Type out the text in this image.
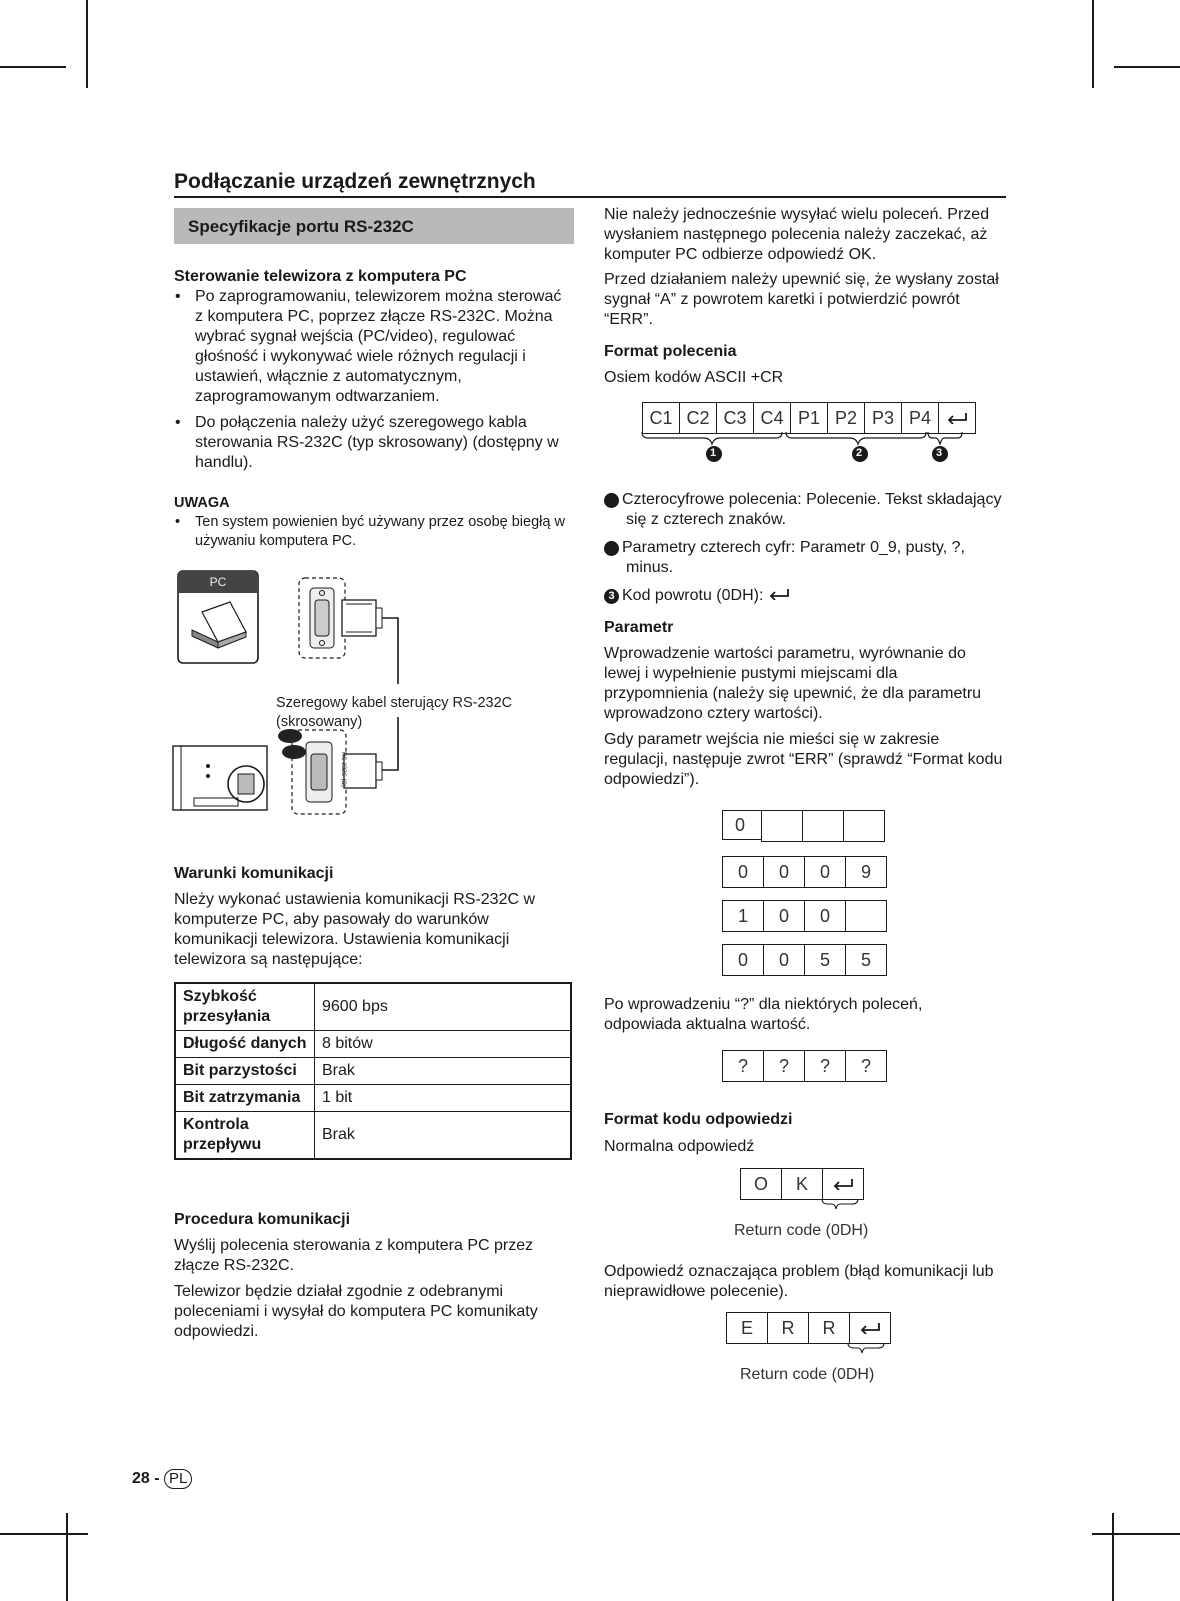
Podłączanie urządzeń zewnętrznych
Specyfikacje portu RS-232C

Sterowanie telewizora z komputera PC

• Po zaprogramowaniu, telewizorem można sterować z komputera PC, poprzez złącze RS-232C. Można wybrać sygnał wejścia (PC/video), regulować głośność i wykonywać wiele różnych regulacji i ustawień, włącznie z automatycznym, zaprogramowanym odtwarzaniem.
• Do połączenia należy użyć szeregowego kabla sterowania RS-232C (typ skrosowany) (dostępny w handlu).

UWAGA

• Ten system powienien być używany przez osobę biegłą w używaniu komputera PC.
PC
Szeregowy kabel sterujący RS-232C
(skrosowany)

Warunki komunikacji

Nleży wykonać ustawienia komunikacji RS-232C w komputerze PC, aby pasowały do warunków komunikacji telewizora. Ustawienia komunikacji telewizora są następujące:

Szybkość przesyłania	9600 bps
Długość danych	8 bitów
Bit parzystości	Brak
Bit zatrzymania	1 bit
Kontrola przepływu	Brak

Procedura komunikacji

Wyślij polecenia sterowania z komputera PC przez złącze RS-232C.

Telewizor będzie działał zgodnie z odebranymi poleceniami i wysyłał do komputera PC komunikaty odpowiedzi.

Nie należy jednocześnie wysyłać wielu poleceń. Przed wysłaniem następnego polecenia należy zaczekać, aż komputer PC odbierze odpowiedź OK.

Przed działaniem należy upewnić się, że wysłany został sygnał “A” z powrotem karetki i potwierdzić powrót “ERR”.

Format polecenia

Osiem kodów ASCII +CR

C1 C2 C3 C4 P1 P2 P3 P4
1	2	3

1 Czterocyfrowe polecenia: Polecenie. Tekst składający się z czterech znaków.

2 Parametry czterech cyfr: Parametr 0_9, pusty, ?, minus.

3 Kod powrotu (0DH):

Parametr

Wprowadzenie wartości parametru, wyrównanie do lewej i wypełnienie pustymi miejscami dla przypomnienia (należy się upewnić, że dla parametru wprowadzono cztery wartości).

Gdy parametr wejścia nie mieści się w zakresie regulacji, następuje zwrot “ERR” (sprawdź “Format kodu odpowiedzi”).

0
0	0	0	9
1	0	0
0	0	5	5

Po wprowadzeniu “?” dla niektórych poleceń, odpowiada aktualna wartość.

?	?	?	?

Format kodu odpowiedzi

Normalna odpowiedź

O	K
Return code (0DH)

Odpowiedź oznaczająca problem (błąd komunikacji lub nieprawidłowe polecenie).

E	R	R
Return code (0DH)
28 - PL
